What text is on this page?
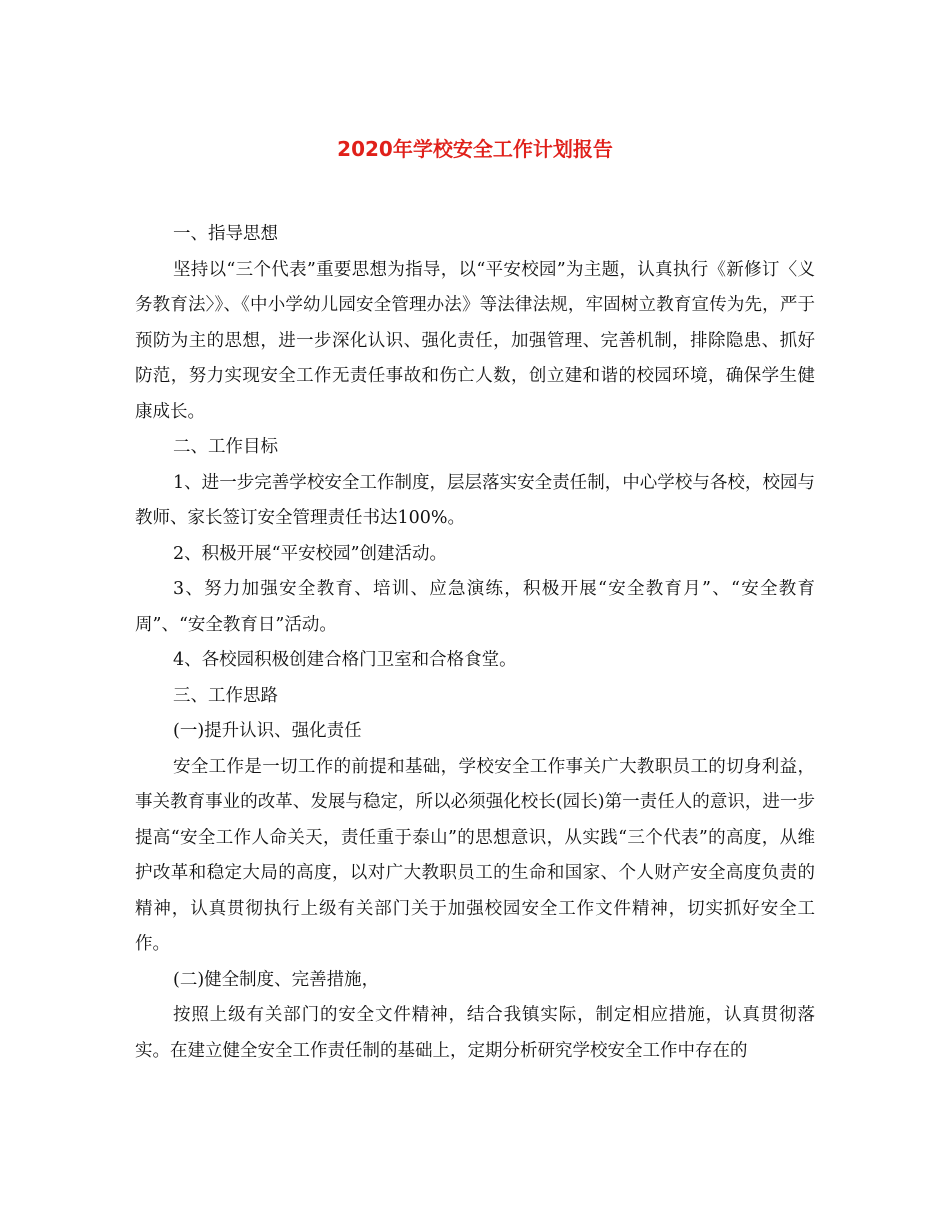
2020年学校安全工作计划报告

一、指导思想

坚持以“三个代表”重要思想为指导，以“平安校园”为主题，认真执行《新修订〈义务教育法〉》、《中小学幼儿园安全管理办法》等法律法规，牢固树立教育宣传为先，严于预防为主的思想，进一步深化认识、强化责任，加强管理、完善机制，排除隐患、抓好防范，努力实现安全工作无责任事故和伤亡人数，创立建和谐的校园环境，确保学生健康成长。

二、工作目标

1、进一步完善学校安全工作制度，层层落实安全责任制，中心学校与各校，校园与教师、家长签订安全管理责任书达100%。

2、积极开展“平安校园”创建活动。

3、努力加强安全教育、培训、应急演练，积极开展“安全教育月”、“安全教育周”、“安全教育日”活动。

4、各校园积极创建合格门卫室和合格食堂。

三、工作思路

(一)提升认识、强化责任

安全工作是一切工作的前提和基础，学校安全工作事关广大教职员工的切身利益，事关教育事业的改革、发展与稳定，所以必须强化校长(园长)第一责任人的意识，进一步提高“安全工作人命关天，责任重于泰山”的思想意识，从实践“三个代表”的高度，从维护改革和稳定大局的高度，以对广大教职员工的生命和国家、个人财产安全高度负责的精神，认真贯彻执行上级有关部门关于加强校园安全工作文件精神，切实抓好安全工作。

(二)健全制度、完善措施，

按照上级有关部门的安全文件精神，结合我镇实际，制定相应措施，认真贯彻落实。在建立健全安全工作责任制的基础上，定期分析研究学校安全工作中存在的
